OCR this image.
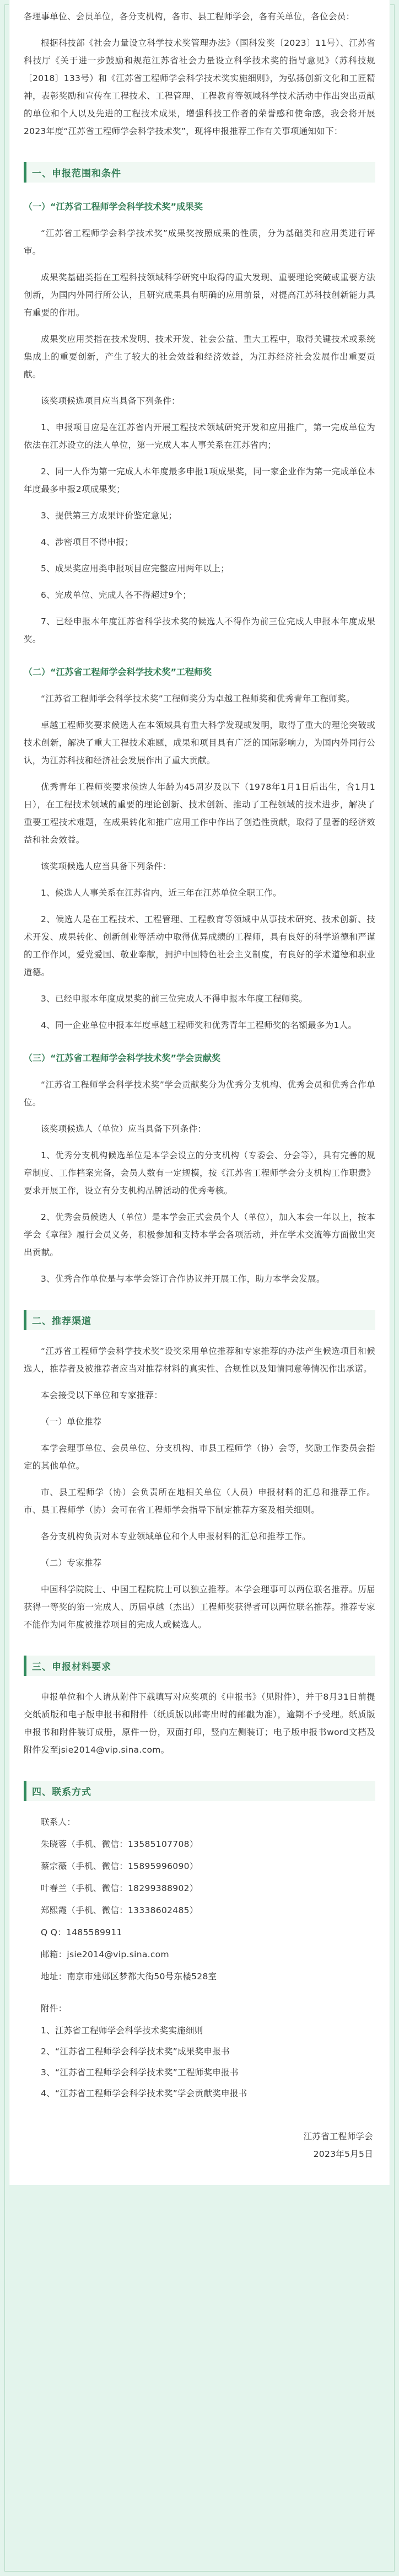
各理事单位、会员单位，各分支机构，各市、县工程师学会，各有关单位，各位会员：

根据科技部《社会力量设立科学技术奖管理办法》（国科发奖〔2023〕11号）、江苏省科技厅《关于进一步鼓励和规范江苏省社会力量设立科学技术奖的指导意见》（苏科技规〔2018〕133号）和《江苏省工程师学会科学技术奖实施细则》，为弘扬创新文化和工匠精神，表彰奖励和宣传在工程技术、工程管理、工程教育等领域科学技术活动中作出突出贡献的单位和个人以及先进的工程技术成果，增强科技工作者的荣誉感和使命感，我会将开展2023年度“江苏省工程师学会科学技术奖”，现将申报推荐工作有关事项通知如下：

一、申报范围和条件
（一）“江苏省工程师学会科学技术奖”成果奖

“江苏省工程师学会科学技术奖”成果奖按照成果的性质，分为基础类和应用类进行评审。

成果奖基础类指在工程科技领域科学研究中取得的重大发现、重要理论突破或重要方法创新，为国内外同行所公认，且研究成果具有明确的应用前景，对提高江苏科技创新能力具有重要的作用。

成果奖应用类指在技术发明、技术开发、社会公益、重大工程中，取得关键技术或系统集成上的重要创新，产生了较大的社会效益和经济效益，为江苏经济社会发展作出重要贡献。

该奖项候选项目应当具备下列条件：

1、申报项目应是在江苏省内开展工程技术领域研究开发和应用推广，第一完成单位为依法在江苏设立的法人单位，第一完成人本人事关系在江苏省内；

2、同一人作为第一完成人本年度最多申报1项成果奖，同一家企业作为第一完成单位本年度最多申报2项成果奖；

3、提供第三方成果评价鉴定意见；

4、涉密项目不得申报；

5、成果奖应用类申报项目应完整应用两年以上；

6、完成单位、完成人各不得超过9个；

7、已经申报本年度江苏省科学技术奖的候选人不得作为前三位完成人申报本年度成果奖。

（二）“江苏省工程师学会科学技术奖”工程师奖

“江苏省工程师学会科学技术奖”工程师奖分为卓越工程师奖和优秀青年工程师奖。

卓越工程师奖要求候选人在本领域具有重大科学发现或发明，取得了重大的理论突破或技术创新，解决了重大工程技术难题，成果和项目具有广泛的国际影响力，为国内外同行公认，为江苏科技和经济社会发展作出了重大贡献。

优秀青年工程师奖要求候选人年龄为45周岁及以下（1978年1月1日后出生，含1月1日），在工程技术领域的重要的理论创新、技术创新、推动了工程领域的技术进步，解决了重要工程技术难题，在成果转化和推广应用工作中作出了创造性贡献，取得了显著的经济效益和社会效益。

该奖项候选人应当具备下列条件：

1、候选人人事关系在江苏省内，近三年在江苏单位全职工作。

2、候选人是在工程技术、工程管理、工程教育等领域中从事技术研究、技术创新、技术开发、成果转化、创新创业等活动中取得优异成绩的工程师，具有良好的科学道德和严谨的工作作风，爱党爱国、敬业奉献，拥护中国特色社会主义制度，有良好的学术道德和职业道德。

3、已经申报本年度成果奖的前三位完成人不得申报本年度工程师奖。

4、同一企业单位申报本年度卓越工程师奖和优秀青年工程师奖的名额最多为1人。

（三）“江苏省工程师学会科学技术奖”学会贡献奖

“江苏省工程师学会科学技术奖”学会贡献奖分为优秀分支机构、优秀会员和优秀合作单位。

该奖项候选人（单位）应当具备下列条件：

1、优秀分支机构候选单位是本学会设立的分支机构（专委会、分会等），具有完善的规章制度、工作档案完备，会员人数有一定规模，按《江苏省工程师学会分支机构工作职责》要求开展工作，设立有分支机构品牌活动的优秀考核。

2、优秀会员候选人（单位）是本学会正式会员个人（单位），加入本会一年以上，按本学会《章程》履行会员义务，积极参加和支持本学会各项活动，并在学术交流等方面做出突出贡献。

3、优秀合作单位是与本学会签订合作协议并开展工作，助力本学会发展。

二、推荐渠道

“江苏省工程师学会科学技术奖”设奖采用单位推荐和专家推荐的办法产生候选项目和候选人，推荐者及被推荐者应当对推荐材料的真实性、合规性以及知情同意等情况作出承诺。

本会接受以下单位和专家推荐：

（一）单位推荐

本学会理事单位、会员单位、分支机构、市县工程师学（协）会等，奖励工作委员会指定的其他单位。

市、县工程师学（协）会负责所在地相关单位（人员）申报材料的汇总和推荐工作。市、县工程师学（协）会可在省工程师学会指导下制定推荐方案及相关细则。

各分支机构负责对本专业领域单位和个人申报材料的汇总和推荐工作。

（二）专家推荐

中国科学院院士、中国工程院院士可以独立推荐。本学会理事可以两位联名推荐。历届获得一等奖的第一完成人、历届卓越（杰出）工程师奖获得者可以两位联名推荐。推荐专家不能作为同年度被推荐项目的完成人或候选人。

三、申报材料要求

申报单位和个人请从附件下载填写对应奖项的《申报书》（见附件），并于8月31日前提交纸质版和电子版申报书和附件（纸质版以邮寄出时的邮戳为准），逾期不予受理。纸质版申报书和附件装订成册，原件一份，双面打印，竖向左侧装订；电子版申报书word文档及附件发至jsie2014@vip.sina.com。

四、联系方式

联系人：

朱晓蓉（手机、微信：13585107708）

蔡宗薇（手机、微信：15895996090）

叶春兰（手机、微信：18299388902）

郑熙霞（手机、微信：13338602485）

Q Q：1485589911

邮箱：jsie2014@vip.sina.com

地址：南京市建邺区梦都大街50号东楼528室

附件：

1、江苏省工程师学会科学技术奖实施细则

2、“江苏省工程师学会科学技术奖”成果奖申报书

3、“江苏省工程师学会科学技术奖”工程师奖申报书

4、“江苏省工程师学会科学技术奖”学会贡献奖申报书

江苏省工程师学会

2023年5月5日
